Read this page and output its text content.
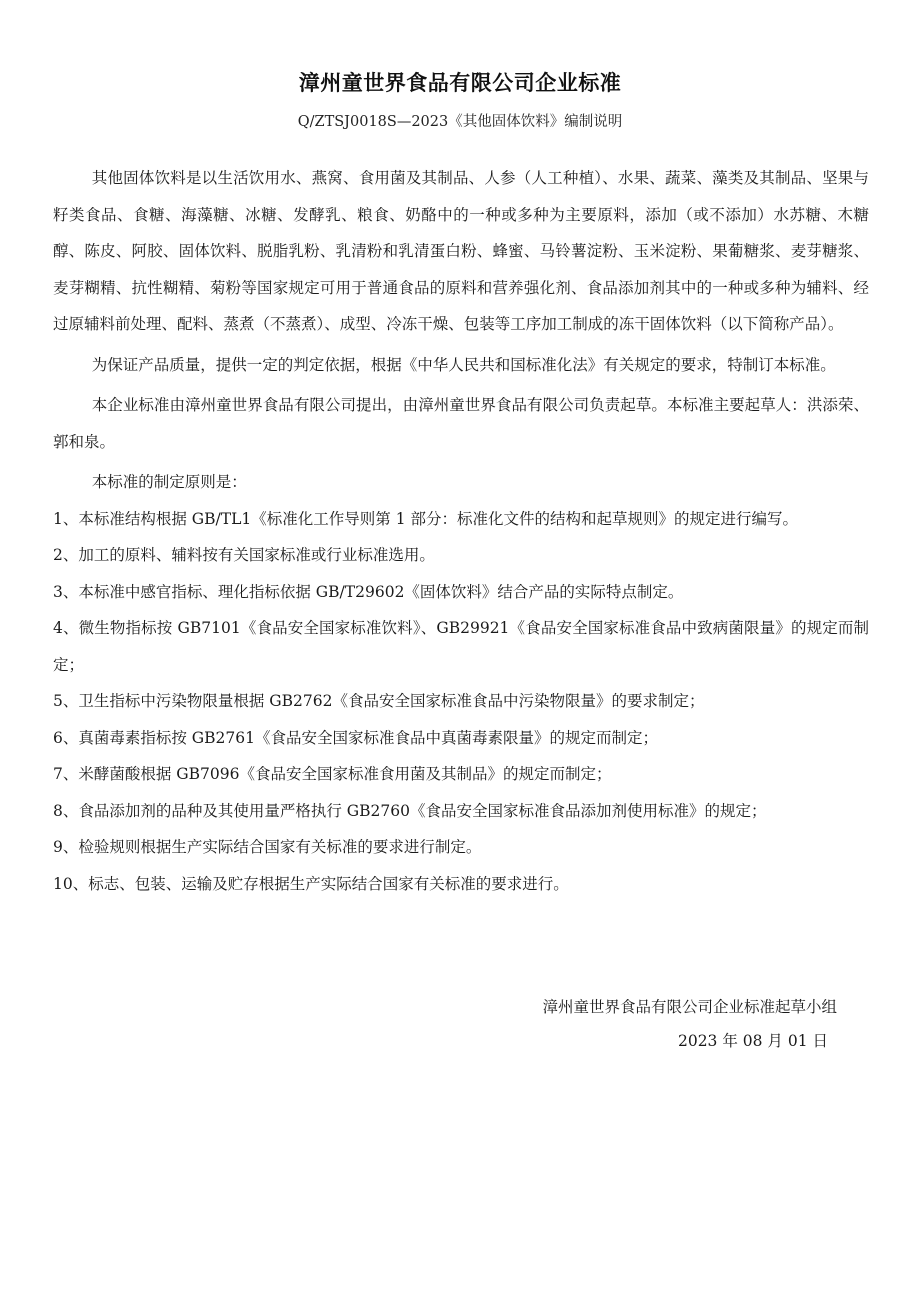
漳州童世界食品有限公司企业标准
Q/ZTSJ0018S—2023《其他固体饮料》编制说明

其他固体饮料是以生活饮用水、燕窝、食用菌及其制品、人参（人工种植）、水果、蔬菜、藻类及其制品、坚果与籽类食品、食糖、海藻糖、冰糖、发酵乳、粮食、奶酪中的一种或多种为主要原料，添加（或不添加）水苏糖、木糖醇、陈皮、阿胶、固体饮料、脱脂乳粉、乳清粉和乳清蛋白粉、蜂蜜、马铃薯淀粉、玉米淀粉、果葡糖浆、麦芽糖浆、麦芽糊精、抗性糊精、菊粉等国家规定可用于普通食品的原料和营养强化剂、食品添加剂其中的一种或多种为辅料、经过原辅料前处理、配料、蒸煮（不蒸煮）、成型、冷冻干燥、包装等工序加工制成的冻干固体饮料（以下简称产品）。

为保证产品质量，提供一定的判定依据，根据《中华人民共和国标准化法》有关规定的要求，特制订本标准。

本企业标准由漳州童世界食品有限公司提出，由漳州童世界食品有限公司负责起草。本标准主要起草人：洪添荣、郭和泉。

本标准的制定原则是：

1、本标准结构根据 GB/TL1《标准化工作导则第 1 部分：标准化文件的结构和起草规则》的规定进行编写。

2、加工的原料、辅料按有关国家标准或行业标准选用。

3、本标准中感官指标、理化指标依据 GB/T29602《固体饮料》结合产品的实际特点制定。

4、微生物指标按 GB7101《食品安全国家标准饮料》、GB29921《食品安全国家标准食品中致病菌限量》的规定而制定；

5、卫生指标中污染物限量根据 GB2762《食品安全国家标准食品中污染物限量》的要求制定；

6、真菌毒素指标按 GB2761《食品安全国家标准食品中真菌毒素限量》的规定而制定；

7、米酵菌酸根据 GB7096《食品安全国家标准食用菌及其制品》的规定而制定；

8、食品添加剂的品种及其使用量严格执行 GB2760《食品安全国家标准食品添加剂使用标准》的规定；

9、检验规则根据生产实际结合国家有关标准的要求进行制定。

10、标志、包装、运输及贮存根据生产实际结合国家有关标准的要求进行。

漳州童世界食品有限公司企业标准起草小组
2023 年 08 月 01 日
